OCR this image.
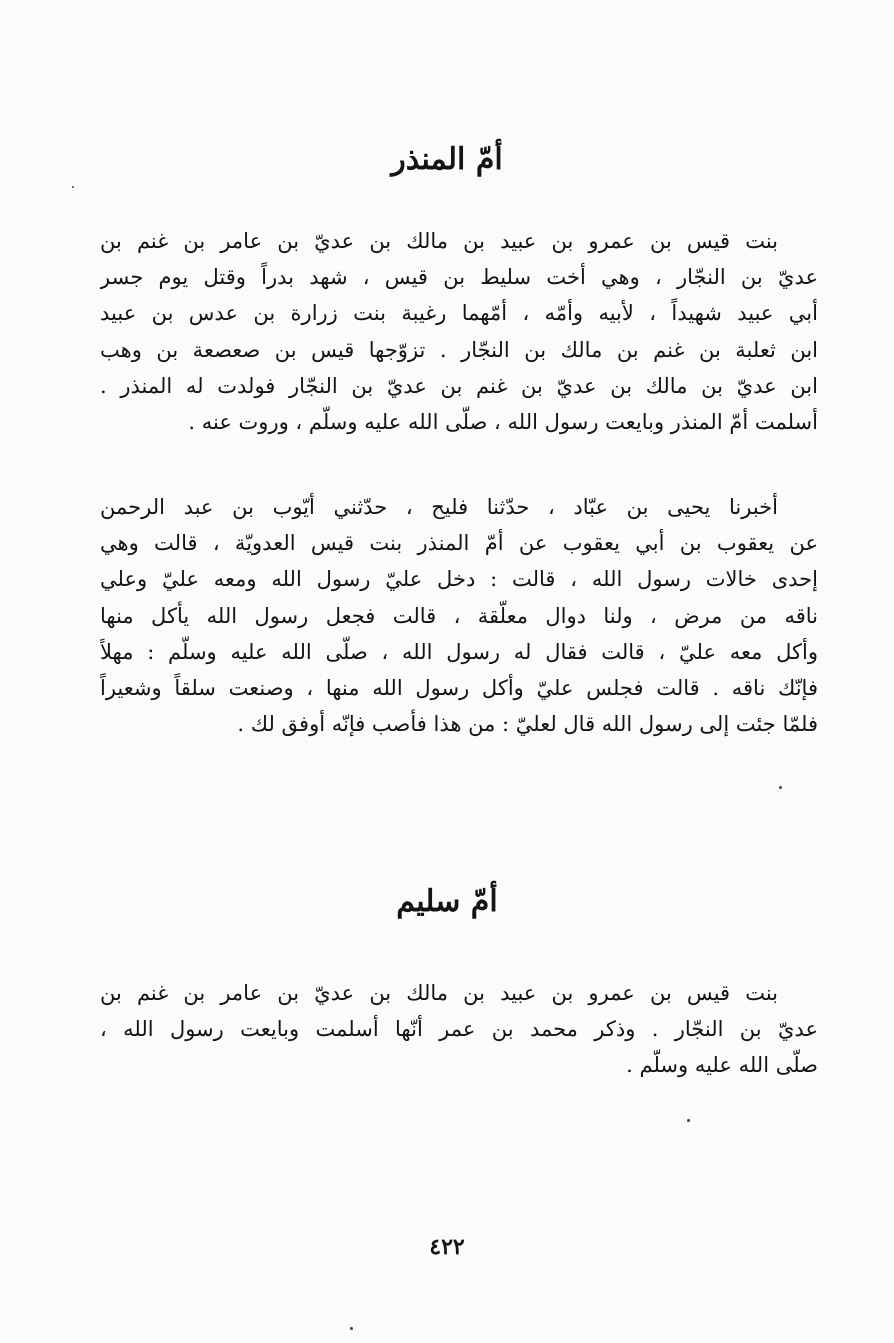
أمّ المنذر
بنت قيس بن عمرو بن عبيد بن مالك بن عديّ بن عامر بن غنم بن
عديّ بن النجّار ، وهي أخت سليط بن قيس ، شهد بدراً وقتل يوم جسر
أبي عبيد شهيداً ، لأبيه وأمّه ، أمّهما رغيبة بنت زرارة بن عدس بن عبيد
ابن ثعلبة بن غنم بن مالك بن النجّار . تزوّجها قيس بن صعصعة بن وهب
ابن عديّ بن مالك بن عديّ بن غنم بن عديّ بن النجّار فولدت له المنذر .
أسلمت أمّ المنذر وبايعت رسول الله ، صلّى الله عليه وسلّم ، وروت عنه .
أخبرنا يحيى بن عبّاد ، حدّثنا فليح ، حدّثني أيّوب بن عبد الرحمن
عن يعقوب بن أبي يعقوب عن أمّ المنذر بنت قيس العدويّة ، قالت وهي
إحدى خالات رسول الله ، قالت : دخل عليّ رسول الله ومعه عليّ وعلي
ناقه من مرض ، ولنا دوال معلّقة ، قالت فجعل رسول الله يأكل منها
وأكل معه عليّ ، قالت فقال له رسول الله ، صلّى الله عليه وسلّم : مهلاً
فإنّك ناقه . قالت فجلس عليّ وأكل رسول الله منها ، وصنعت سلقاً وشعيراً
فلمّا جئت إلى رسول الله قال لعليّ : من هذا فأصب فإنّه أوفق لك .
أمّ سليم
بنت قيس بن عمرو بن عبيد بن مالك بن عديّ بن عامر بن غنم بن
عديّ بن النجّار . وذكر محمد بن عمر أنّها أسلمت وبايعت رسول الله ،
صلّى الله عليه وسلّم .
٤٢٢
